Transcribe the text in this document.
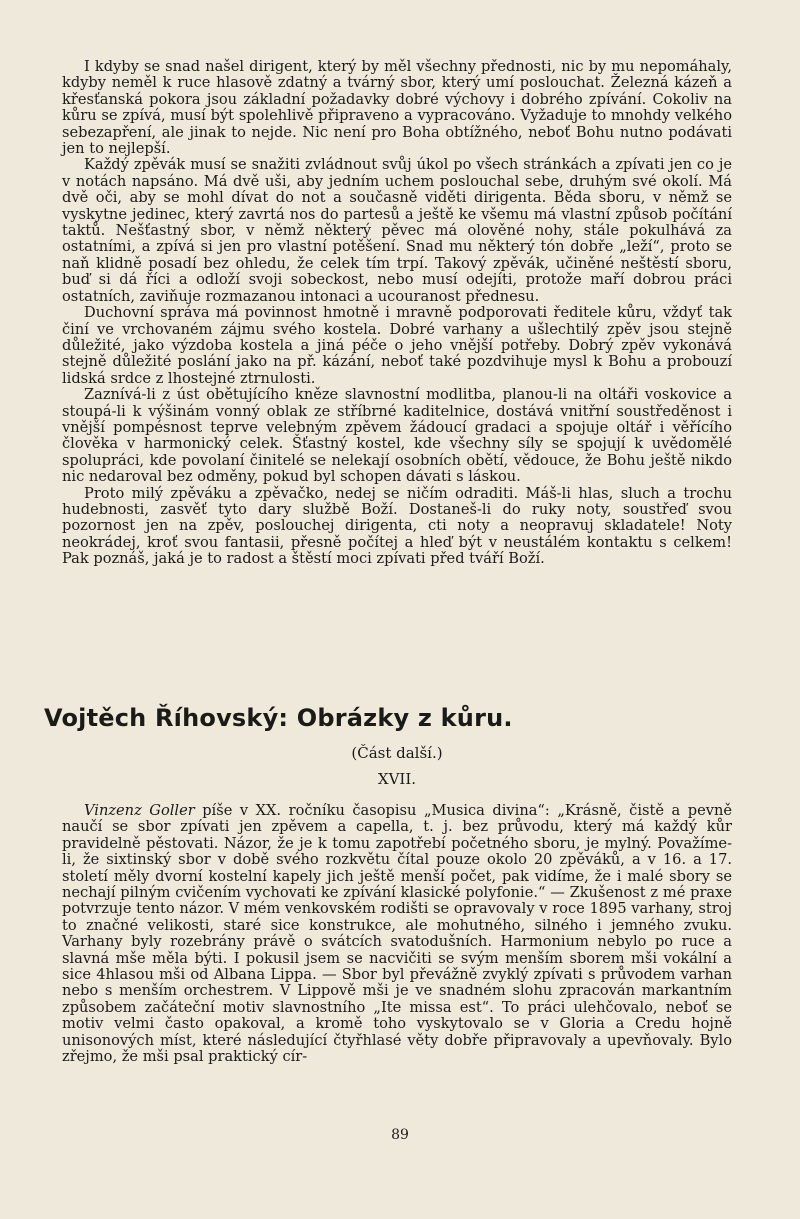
I kdyby se snad našel dirigent, který by měl všechny přednosti, nic by mu nepomáhaly, kdyby neměl k ruce hlasově zdatný a tvárný sbor, který umí poslouchat. Železná kázeň a křesťanská pokora jsou základní požadavky dobré výchovy i dobrého zpívání. Cokoliv na kůru se zpívá, musí být spolehlivě připraveno a vypracováno. Vyžaduje to mnohdy velkého sebezapření, ale jinak to nejde. Nic není pro Boha obtížného, neboť Bohu nutno podávati jen to nejlepší.

Každý zpěvák musí se snažiti zvládnout svůj úkol po všech stránkách a zpívati jen co je v notách napsáno. Má dvě uši, aby jedním uchem poslouchal sebe, druhým své okolí. Má dvě oči, aby se mohl dívat do not a současně viděti dirigenta. Běda sboru, v němž se vyskytne jedinec, který zavrtá nos do partesů a ještě ke všemu má vlastní způsob počítání taktů. Nešťastný sbor, v němž některý pěvec má olověné nohy, stále pokulhává za ostatními, a zpívá si jen pro vlastní potěšení. Snad mu některý tón dobře „leží“, proto se naň klidně posadí bez ohledu, že celek tím trpí. Takový zpěvák, učiněné neštěstí sboru, buď si dá říci a odloží svoji sobeckost, nebo musí odejíti, protože maří dobrou práci ostatních, zaviňuje rozmazanou intonaci a ucouranost přednesu.

Duchovní správa má povinnost hmotně i mravně podporovati ředitele kůru, vždyť tak činí ve vrchovaném zájmu svého kostela. Dobré varhany a ušlechtilý zpěv jsou stejně důležité, jako výzdoba kostela a jiná péče o jeho vnější potřeby. Dobrý zpěv vykonává stejně důležité poslání jako na př. kázání, neboť také pozdvihuje mysl k Bohu a probouzí lidská srdce z lhostejné ztrnulosti.

Zaznívá-li z úst obětujícího kněze slavnostní modlitba, planou-li na oltáři voskovice a stoupá-li k výšinám vonný oblak ze stříbrné kaditelnice, dostává vnitřní soustředěnost i vnější pompésnost teprve velebným zpěvem žádoucí gradaci a spojuje oltář i věřícího člověka v harmonický celek. Šťastný kostel, kde všechny síly se spojují k uvědomělé spolupráci, kde povolaní činitelé se nelekají osobních obětí, vědouce, že Bohu ještě nikdo nic nedaroval bez odměny, pokud byl schopen dávati s láskou.

Proto milý zpěváku a zpěvačko, nedej se ničím odraditi. Máš-li hlas, sluch a trochu hudebnosti, zasvěť tyto dary službě Boží. Dostaneš-li do ruky noty, soustřeď svou pozornost jen na zpěv, poslouchej dirigenta, cti noty a neopravuj skladatele! Noty neokrádej, kroť svou fantasii, přesně počítej a hleď být v neustálém kontaktu s celkem! Pak poznáš, jaká je to radost a štěstí moci zpívati před tváří Boží.

Vojtěch Říhovský: Obrázky z kůru.
(Část další.)
XVII.

Vinzenz Goller píše v XX. ročníku časopisu „Musica divina“: „Krásně, čistě a pevně naučí se sbor zpívati jen zpěvem a capella, t. j. bez průvodu, který má každý kůr pravidelně pěstovati. Názor, že je k tomu zapotřebí početného sboru, je mylný. Považíme-li, že sixtinský sbor v době svého rozkvětu čítal pouze okolo 20 zpěváků, a v 16. a 17. století měly dvorní kostelní kapely jich ještě menší počet, pak vidíme, že i malé sbory se nechají pilným cvičením vychovati ke zpívání klasické polyfonie.“ — Zkušenost z mé praxe potvrzuje tento názor. V mém venkovském rodišti se opravovaly v roce 1895 varhany, stroj to značné velikosti, staré sice konstrukce, ale mohutného, silného i jemného zvuku. Varhany byly rozebrány právě o svátcích svatodušních. Harmonium nebylo po ruce a slavná mše měla býti. I pokusil jsem se nacvičiti se svým menším sborem mši vokální a sice 4hlasou mši od Albana Lippa. — Sbor byl převážně zvyklý zpívati s průvodem varhan nebo s menším orchestrem. V Lippově mši je ve snadném slohu zpracován markantním způsobem začáteční motiv slavnostního „Ite missa est“. To práci ulehčovalo, neboť se motiv velmi často opakoval, a kromě toho vyskytovalo se v Gloria a Credu hojně unisonových míst, které následující čtyřhlasé věty dobře připravovaly a upevňovaly. Bylo zřejmo, že mši psal praktický cír-

89
